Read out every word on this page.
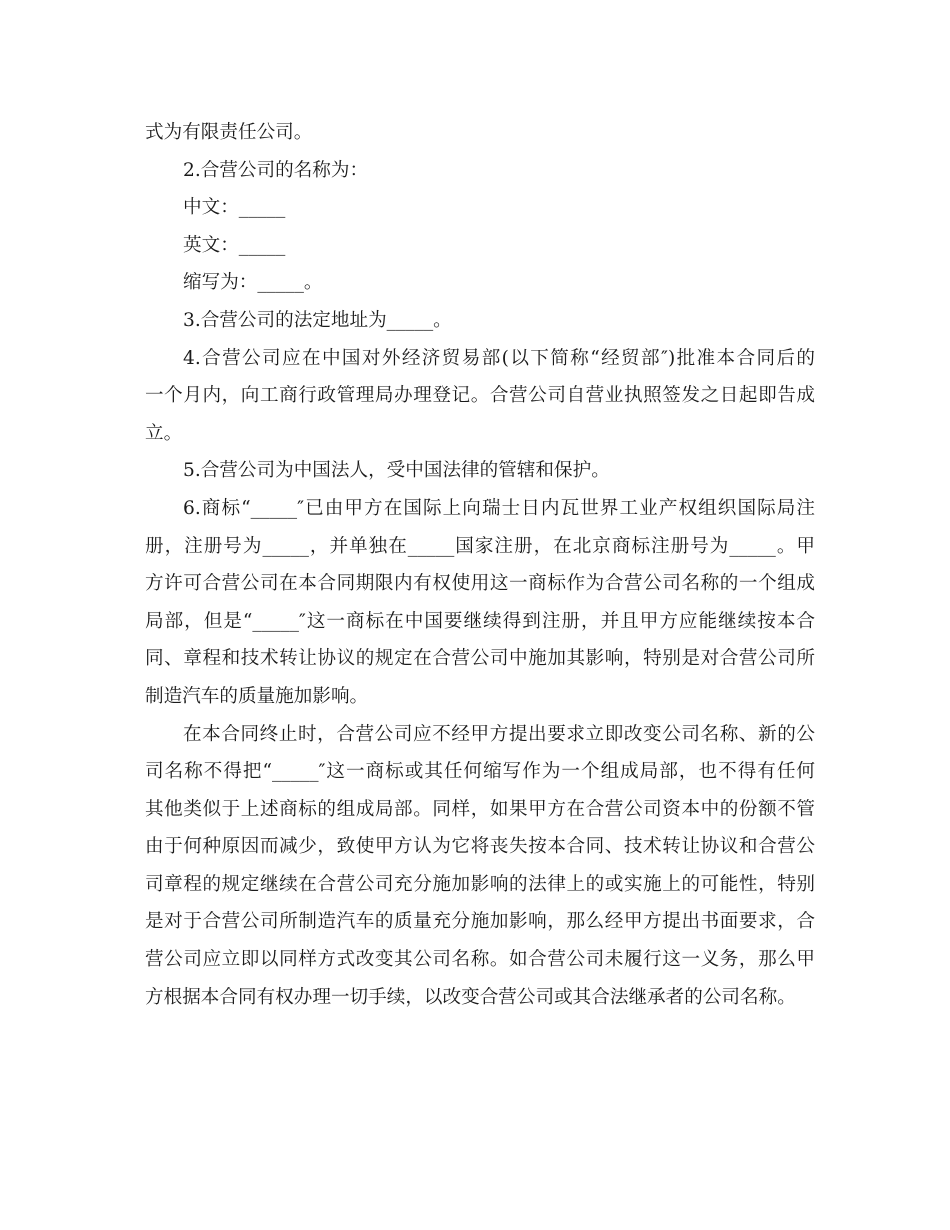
式为有限责任公司。
2.合营公司的名称为：
中文：_____
英文：_____
缩写为：_____。
3.合营公司的法定地址为_____。
4.合营公司应在中国对外经济贸易部(以下简称“经贸部″)批准本合同后的
一个月内，向工商行政管理局办理登记。合营公司自营业执照签发之日起即告成
立。
5.合营公司为中国法人，受中国法律的管辖和保护。
6.商标“_____″已由甲方在国际上向瑞士日内瓦世界工业产权组织国际局注
册，注册号为_____，并单独在_____国家注册，在北京商标注册号为_____。甲
方许可合营公司在本合同期限内有权使用这一商标作为合营公司名称的一个组成
局部，但是“_____″这一商标在中国要继续得到注册，并且甲方应能继续按本合
同、章程和技术转让协议的规定在合营公司中施加其影响，特别是对合营公司所
制造汽车的质量施加影响。
在本合同终止时，合营公司应不经甲方提出要求立即改变公司名称、新的公
司名称不得把“_____″这一商标或其任何缩写作为一个组成局部，也不得有任何
其他类似于上述商标的组成局部。同样，如果甲方在合营公司资本中的份额不管
由于何种原因而减少，致使甲方认为它将丧失按本合同、技术转让协议和合营公
司章程的规定继续在合营公司充分施加影响的法律上的或实施上的可能性，特别
是对于合营公司所制造汽车的质量充分施加影响，那么经甲方提出书面要求，合
营公司应立即以同样方式改变其公司名称。如合营公司未履行这一义务，那么甲
方根据本合同有权办理一切手续，以改变合营公司或其合法继承者的公司名称。
